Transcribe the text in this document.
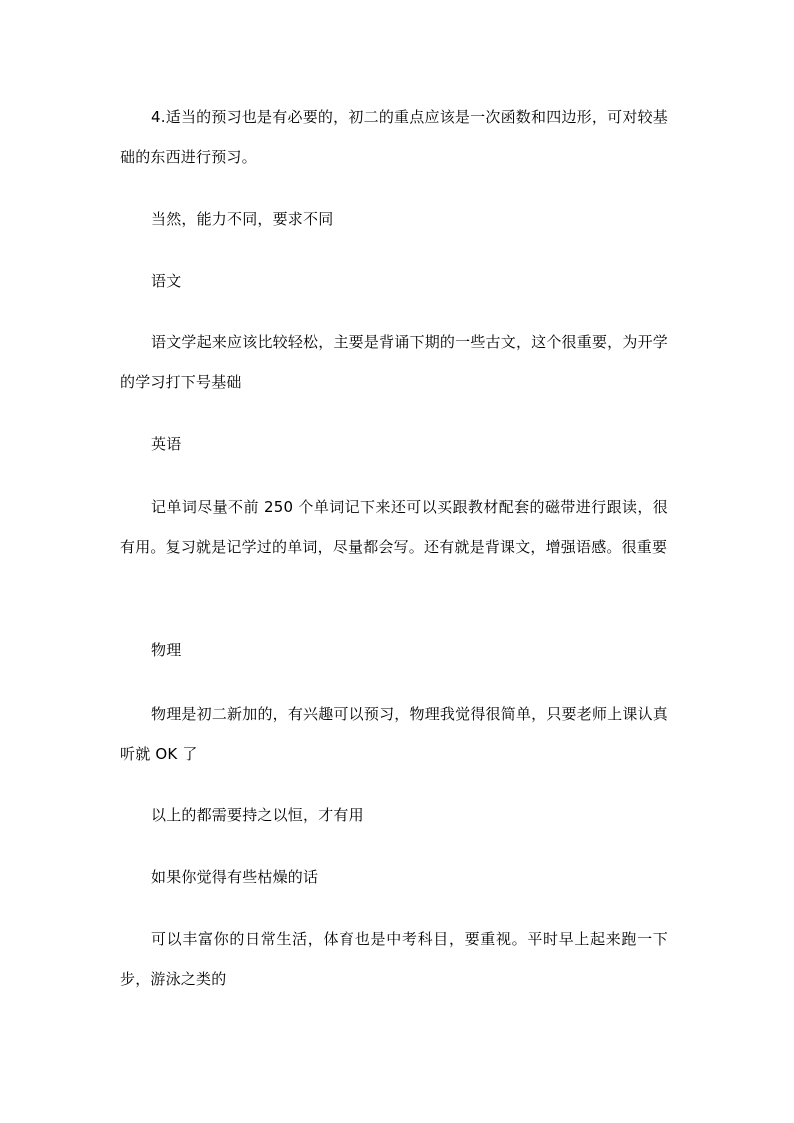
4.适当的预习也是有必要的，初二的重点应该是一次函数和四边形，可对较基础的东西进行预习。

当然，能力不同，要求不同

语文

语文学起来应该比较轻松，主要是背诵下期的一些古文，这个很重要，为开学的学习打下号基础

英语

记单词尽量不前 250 个单词记下来还可以买跟教材配套的磁带进行跟读，很有用。复习就是记学过的单词，尽量都会写。还有就是背课文，增强语感。很重要

物理

物理是初二新加的，有兴趣可以预习，物理我觉得很简单，只要老师上课认真听就 OK 了

以上的都需要持之以恒，才有用

如果你觉得有些枯燥的话

可以丰富你的日常生活，体育也是中考科目，要重视。平时早上起来跑一下步，游泳之类的
